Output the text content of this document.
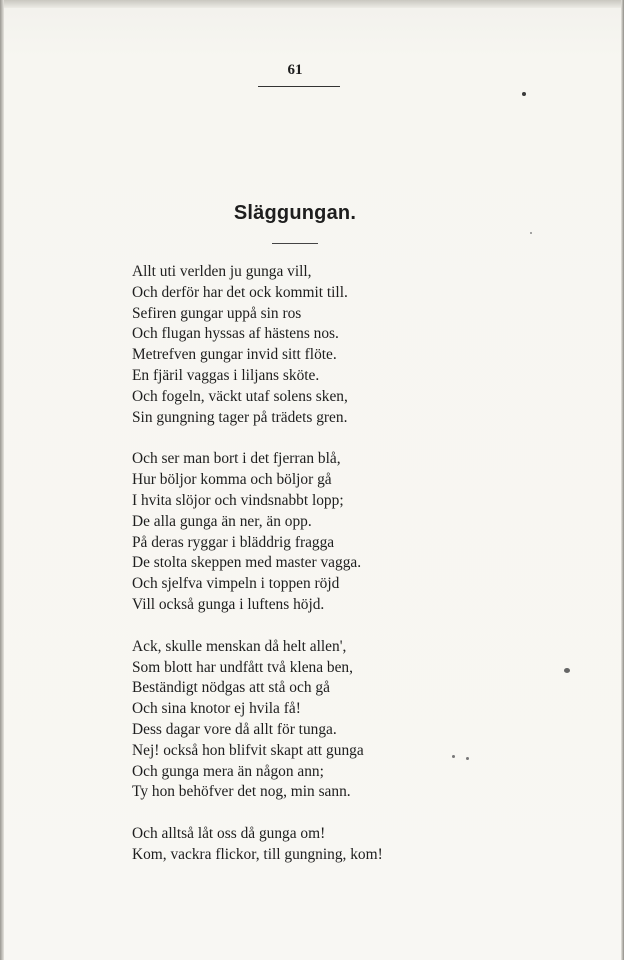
61
Släggungan.
Allt uti verlden ju gunga vill,
Och derför har det ock kommit till.
Sefiren gungar uppå sin ros
Och flugan hyssas af hästens nos.
Metrefven gungar invid sitt flöte.
En fjäril vaggas i liljans sköte.
Och fogeln, väckt utaf solens sken,
Sin gungning tager på trädets gren.
Och ser man bort i det fjerran blå,
Hur böljor komma och böljor gå
I hvita slöjor och vindsnabbt lopp;
De alla gunga än ner, än opp.
På deras ryggar i bläddrig fragga
De stolta skeppen med master vagga.
Och sjelfva vimpeln i toppen röjd
Vill också gunga i luftens höjd.
Ack, skulle menskan då helt allen',
Som blott har undfått två klena ben,
Beständigt nödgas att stå och gå
Och sina knotor ej hvila få!
Dess dagar vore då allt för tunga.
Nej! också hon blifvit skapt att gunga
Och gunga mera än någon ann;
Ty hon behöfver det nog, min sann.
Och alltså låt oss då gunga om!
Kom, vackra flickor, till gungning, kom!
